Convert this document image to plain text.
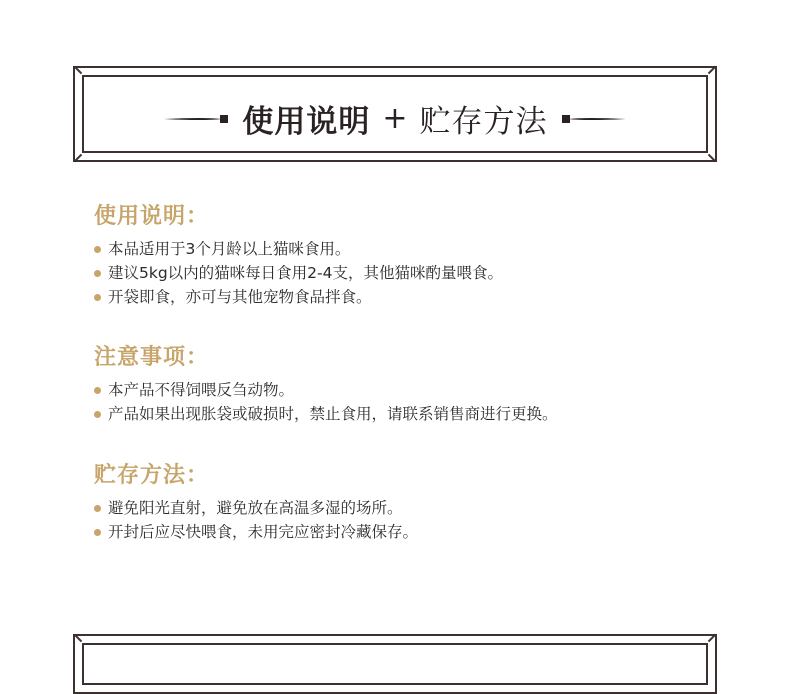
使用说明 + 贮存方法
使用说明：
本品适用于3个月龄以上猫咪食用。
建议5kg以内的猫咪每日食用2-4支，其他猫咪酌量喂食。
开袋即食，亦可与其他宠物食品拌食。
注意事项：
本产品不得饲喂反刍动物。
产品如果出现胀袋或破损时，禁止食用，请联系销售商进行更换。
贮存方法：
避免阳光直射，避免放在高温多湿的场所。
开封后应尽快喂食，未用完应密封冷藏保存。
